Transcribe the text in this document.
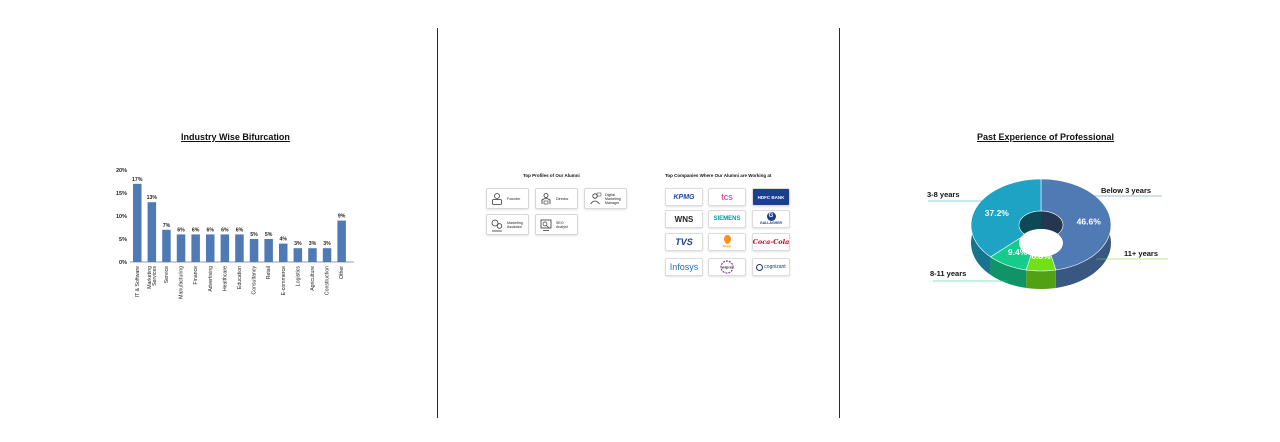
Industry Wise Bifurcation
0%
5%
10%
15%
20%
17%
IT & Software
13%
MarketingServices
7%
Service
6%
Manufacturing
6%
Finance
6%
Advertising
6%
Healthcare
6%
Education
5%
Consultancy
5%
Retail
4%
E-commerce
3%
Logistics
3%
Agriculture
3%
Construction
9%
Other
Top Profiles of Our Alumni
Founder	Director
Digital Marketing Manager
Marketing Assistant
SEO Analyst
Top Companies Where Our Alumni are Working at
KPMG	tcs	HDFC BANK
WNS	SIEMENS	G
GALLAGHER
TVS	Swiggy
Coca-Cola
Infosys	wipro	cognizant
Past Experience of Professional
46.6%
6.8%
9.4%
37.2%
Below 3 years
11+ years
8-11 years
3-8 years
